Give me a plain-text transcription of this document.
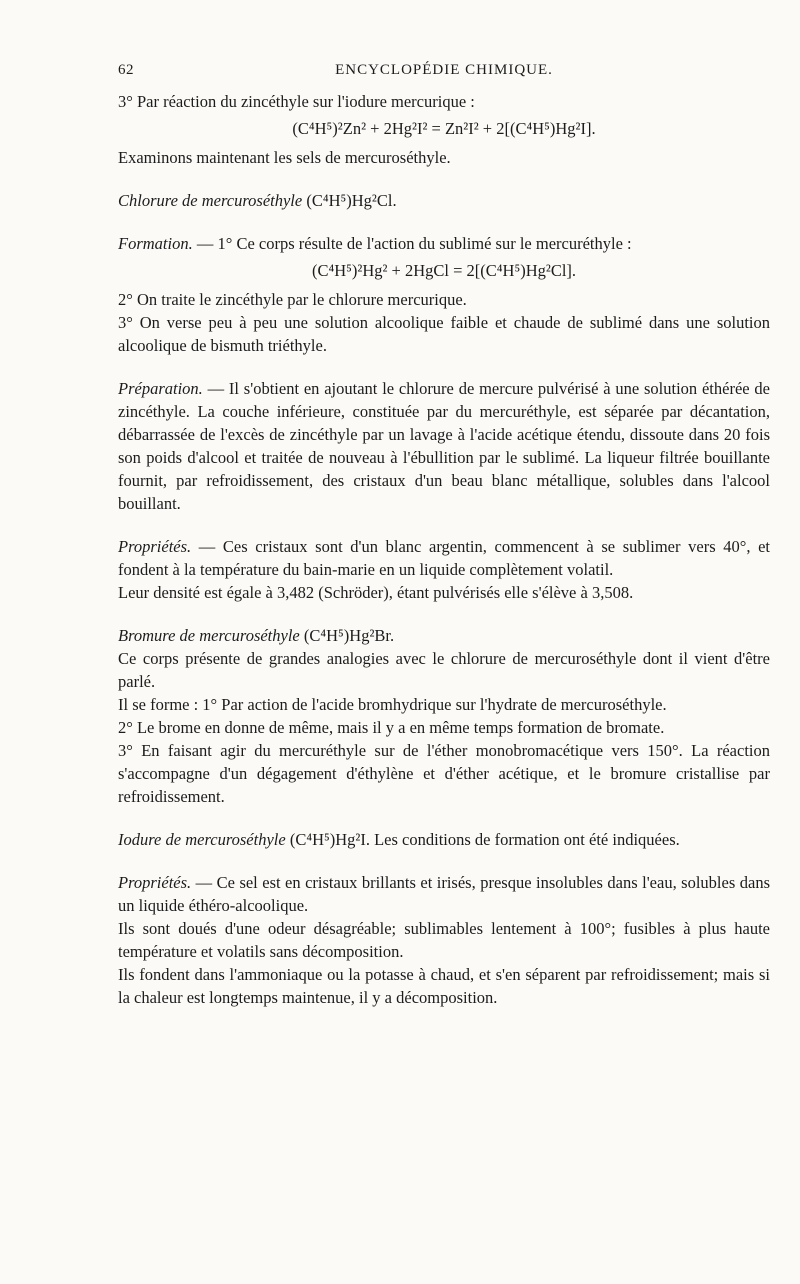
62	ENCYCLOPÉDIE CHIMIQUE.

3° Par réaction du zincéthyle sur l'iodure mercurique :

(C⁴H⁵)²Zn² + 2Hg²I² = Zn²I² + 2[(C⁴H⁵)Hg²I].

Examinons maintenant les sels de mercuroséthyle.

Chlorure de mercuroséthyle (C⁴H⁵)Hg²Cl.

Formation. — 1° Ce corps résulte de l'action du sublimé sur le mercuréthyle :

(C⁴H⁵)²Hg² + 2HgCl = 2[(C⁴H⁵)Hg²Cl].

2° On traite le zincéthyle par le chlorure mercurique.

3° On verse peu à peu une solution alcoolique faible et chaude de sublimé dans une solution alcoolique de bismuth triéthyle.

Préparation. — Il s'obtient en ajoutant le chlorure de mercure pulvérisé à une solution éthérée de zincéthyle. La couche inférieure, constituée par du mercuréthyle, est séparée par décantation, débarrassée de l'excès de zincéthyle par un lavage à l'acide acétique étendu, dissoute dans 20 fois son poids d'alcool et traitée de nouveau à l'ébullition par le sublimé. La liqueur filtrée bouillante fournit, par refroidissement, des cristaux d'un beau blanc métallique, solubles dans l'alcool bouillant.

Propriétés. — Ces cristaux sont d'un blanc argentin, commencent à se sublimer vers 40°, et fondent à la température du bain-marie en un liquide complètement volatil.

Leur densité est égale à 3,482 (Schröder), étant pulvérisés elle s'élève à 3,508.

Bromure de mercuroséthyle (C⁴H⁵)Hg²Br.

Ce corps présente de grandes analogies avec le chlorure de mercuroséthyle dont il vient d'être parlé.

Il se forme : 1° Par action de l'acide bromhydrique sur l'hydrate de mercuroséthyle.

2° Le brome en donne de même, mais il y a en même temps formation de bromate.

3° En faisant agir du mercuréthyle sur de l'éther monobromacétique vers 150°. La réaction s'accompagne d'un dégagement d'éthylène et d'éther acétique, et le bromure cristallise par refroidissement.

Iodure de mercuroséthyle (C⁴H⁵)Hg²I. Les conditions de formation ont été indiquées.

Propriétés. — Ce sel est en cristaux brillants et irisés, presque insolubles dans l'eau, solubles dans un liquide éthéro-alcoolique.

Ils sont doués d'une odeur désagréable; sublimables lentement à 100°; fusibles à plus haute température et volatils sans décomposition.

Ils fondent dans l'ammoniaque ou la potasse à chaud, et s'en séparent par refroidissement; mais si la chaleur est longtemps maintenue, il y a décomposition.
